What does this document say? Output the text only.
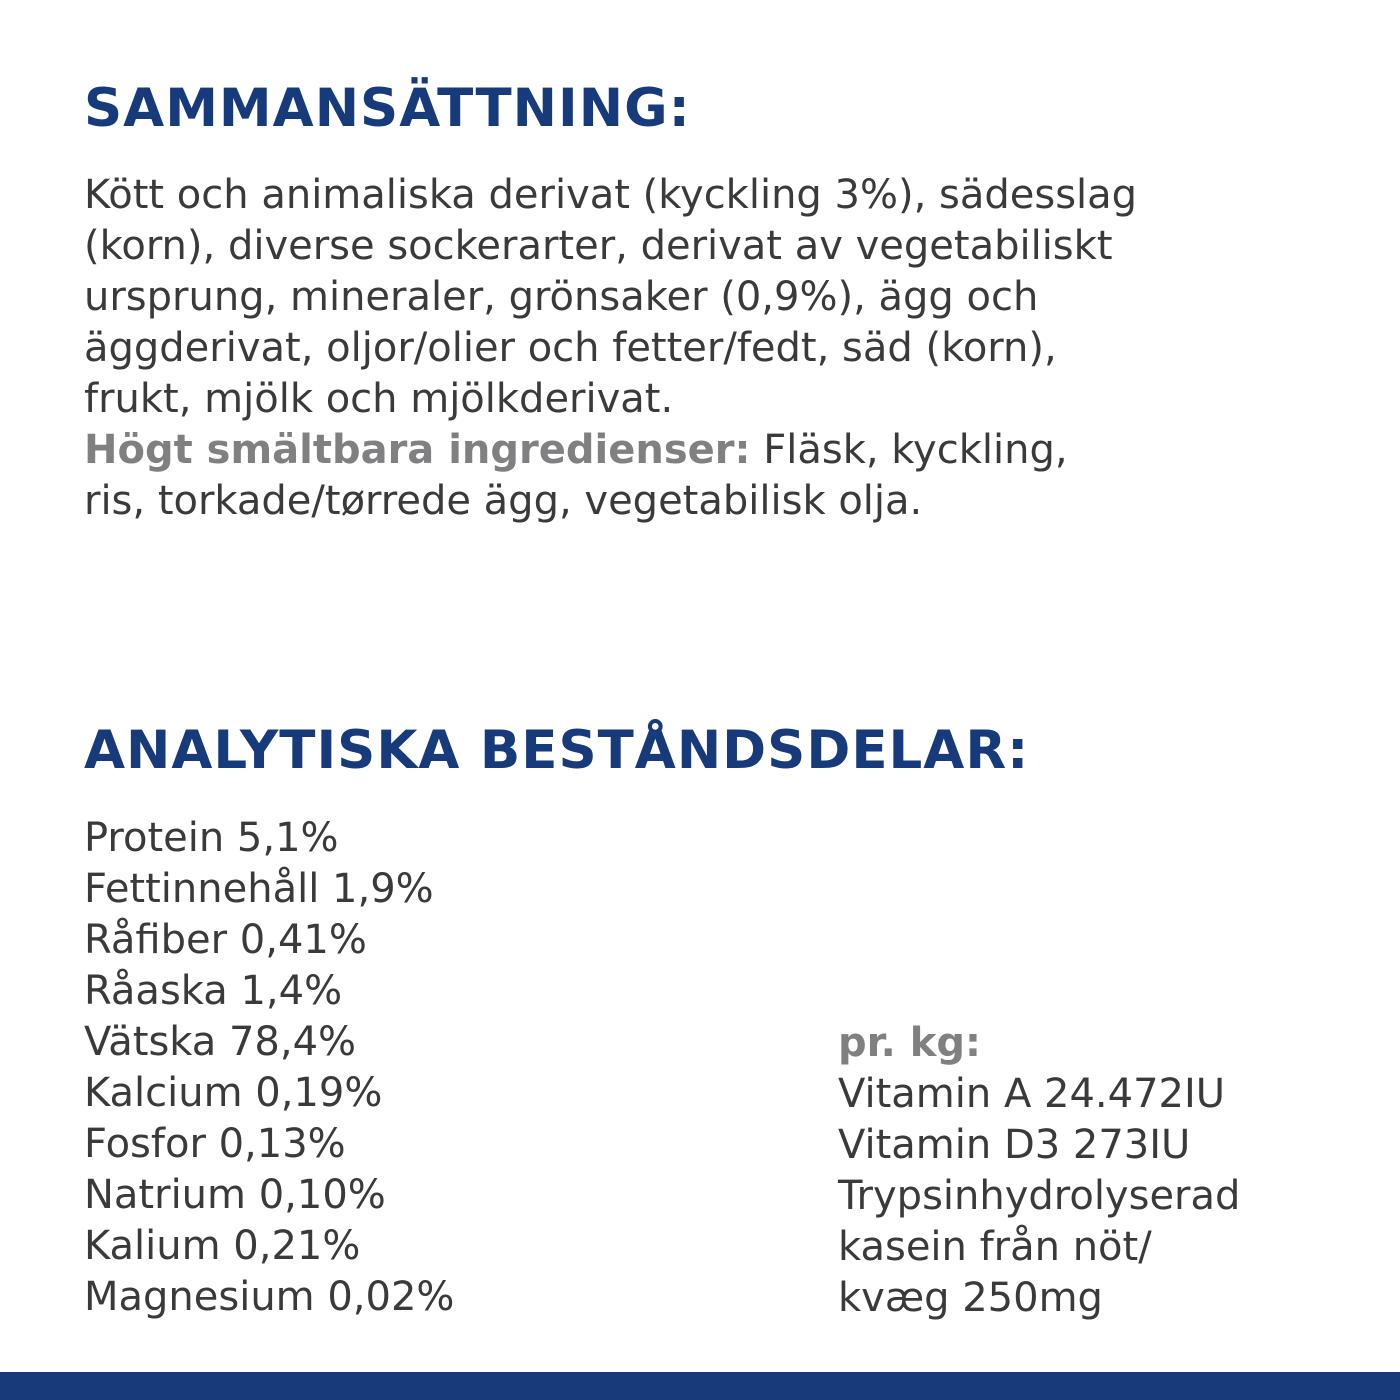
SAMMANSÄTTNING:

Kött och animaliska derivat (kyckling 3%), sädesslag
(korn), diverse sockerarter, derivat av vegetabiliskt
ursprung, mineraler, grönsaker (0,9%), ägg och
äggderivat, oljor/olier och fetter/fedt, säd (korn),
frukt, mjölk och mjölkderivat.
Högt smältbara ingredienser: Fläsk, kyckling,
ris, torkade/tørrede ägg, vegetabilisk olja.

ANALYTISKA BESTÅNDSDELAR:
Protein 5,1%
Fettinnehåll 1,9%
Råfiber 0,41%
Råaska 1,4%
Vätska 78,4%
Kalcium 0,19%
Fosfor 0,13%
Natrium 0,10%
Kalium 0,21%
Magnesium 0,02%
pr. kg:
Vitamin A 24.472IU
Vitamin D3 273IU
Trypsinhydrolyserad
kasein från nöt/
kvæg 250mg
